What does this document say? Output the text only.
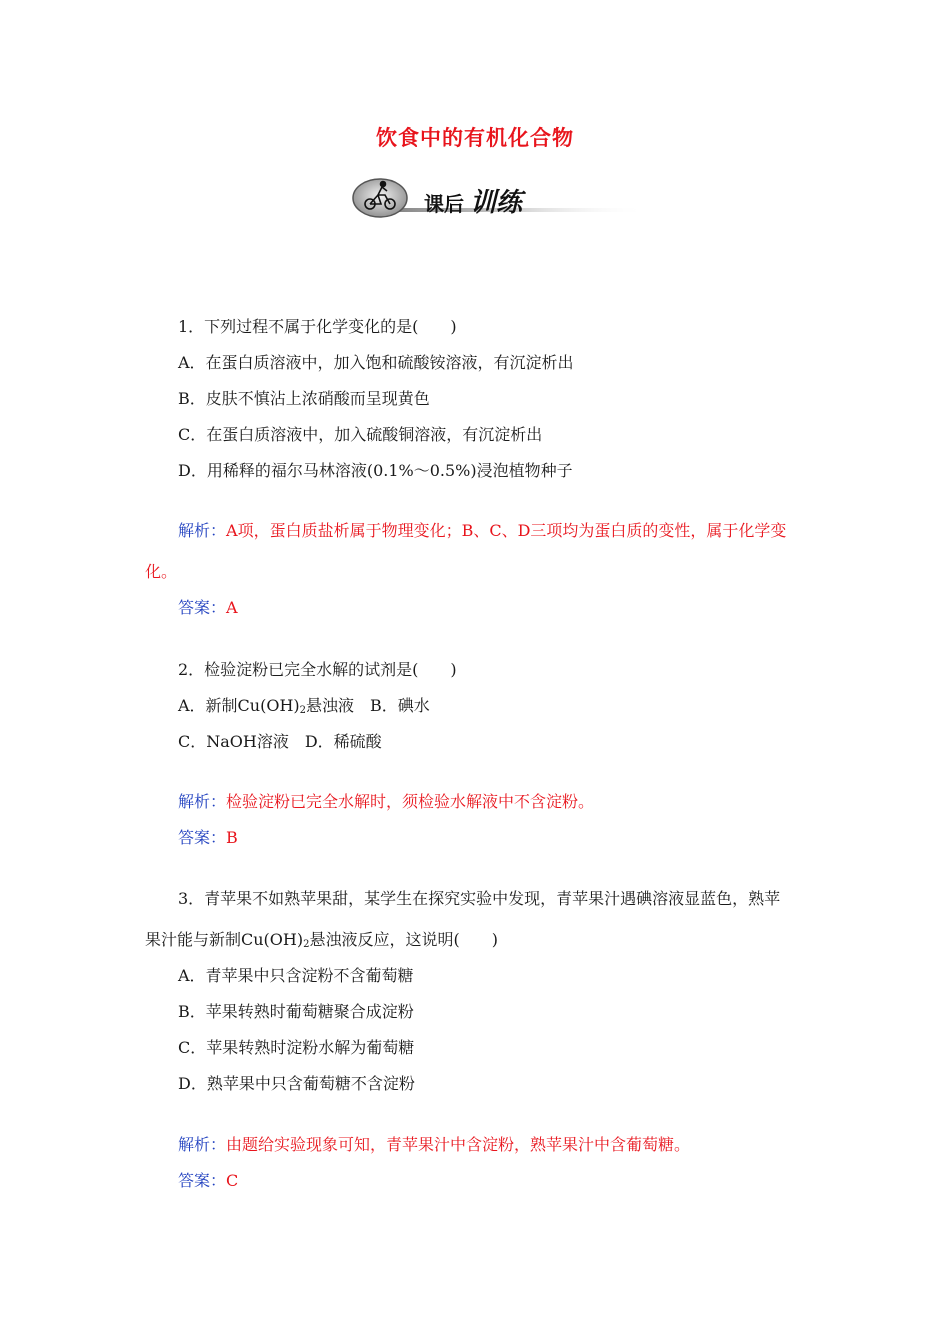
饮食中的有机化合物
课后 训练
1．下列过程不属于化学变化的是(　　)
A．在蛋白质溶液中，加入饱和硫酸铵溶液，有沉淀析出
B．皮肤不慎沾上浓硝酸而呈现黄色
C．在蛋白质溶液中，加入硫酸铜溶液，有沉淀析出
D．用稀释的福尔马林溶液(0.1%～0.5%)浸泡植物种子
解析：A项，蛋白质盐析属于物理变化；B、C、D三项均为蛋白质的变性，属于化学变
化。
答案：A
2．检验淀粉已完全水解的试剂是(　　)
A．新制$Cu(OH)_2$悬浊液　B．碘水
C．NaOH溶液　D．稀硫酸
解析：检验淀粉已完全水解时，须检验水解液中不含淀粉。
答案：B
3．青苹果不如熟苹果甜，某学生在探究实验中发现，青苹果汁遇碘溶液显蓝色，熟苹
果汁能与新制$Cu(OH)_2$悬浊液反应，这说明(　　)
A．青苹果中只含淀粉不含葡萄糖
B．苹果转熟时葡萄糖聚合成淀粉
C．苹果转熟时淀粉水解为葡萄糖
D．熟苹果中只含葡萄糖不含淀粉
解析：由题给实验现象可知，青苹果汁中含淀粉，熟苹果汁中含葡萄糖。
答案：C
